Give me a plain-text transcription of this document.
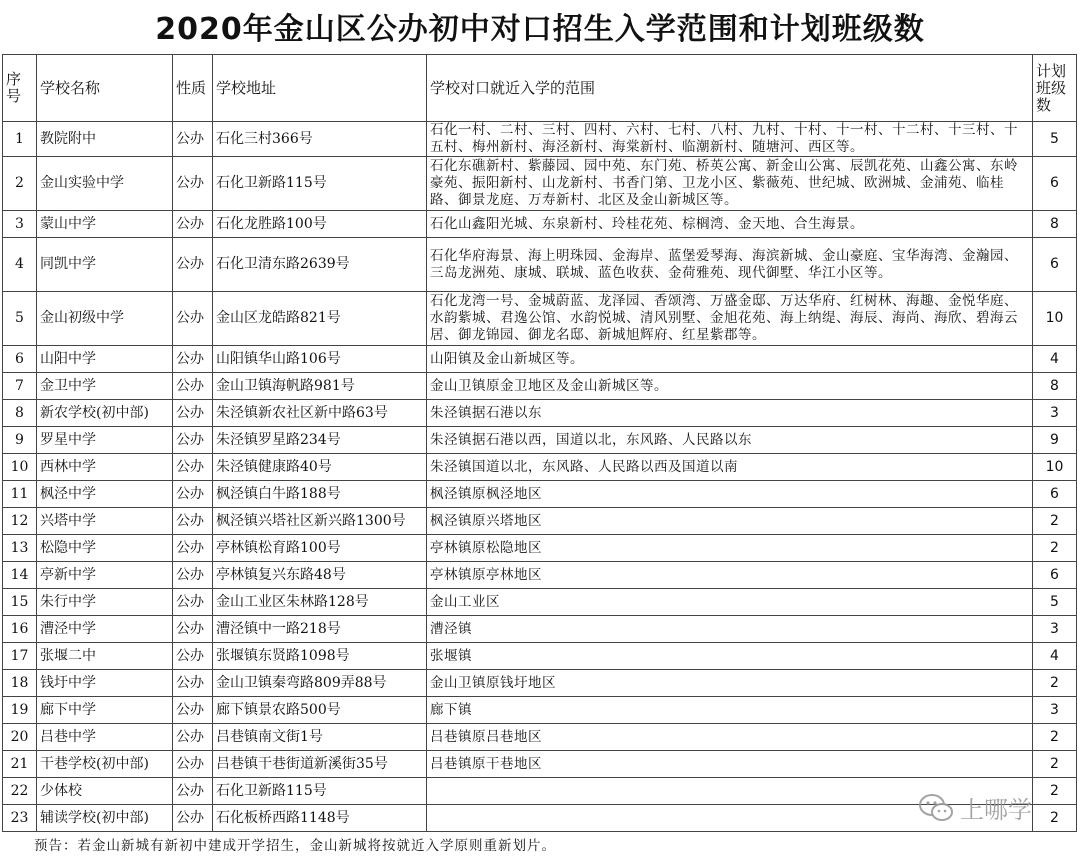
2020年金山区公办初中对口招生入学范围和计划班级数
序号	学校名称	性质	学校地址	学校对口就近入学的范围	计划班级数
1	教院附中	公办	石化三村366号	石化一村、二村、三村、四村、六村、七村、八村、九村、十村、十一村、十二村、十三村、十五村、梅州新村、海泾新村、海棠新村、临潮新村、随塘河、西区等。	5
2	金山实验中学	公办	石化卫新路115号	石化东礁新村、紫藤园、园中苑、东门苑、桥英公寓、新金山公寓、辰凯花苑、山鑫公寓、东岭豪苑、振阳新村、山龙新村、书香门第、卫龙小区、紫薇苑、世纪城、欧洲城、金浦苑、临桂路、御景龙庭、万寿新村、北区及金山新城区等。	6
3	蒙山中学	公办	石化龙胜路100号	石化山鑫阳光城、东泉新村、玲桂花苑、棕榈湾、金天地、合生海景。	8
4	同凯中学	公办	石化卫清东路2639号	石化华府海景、海上明珠园、金海岸、蓝堡爱琴海、海滨新城、金山豪庭、宝华海湾、金瀚园、三岛龙洲苑、康城、联城、蓝色收获、金荷雅苑、现代御墅、华江小区等。	6
5	金山初级中学	公办	金山区龙皓路821号	石化龙湾一号、金城蔚蓝、龙泽园、香颂湾、万盛金邸、万达华府、红树林、海趣、金悦华庭、水韵紫城、君逸公馆、水韵悦城、清风别墅、金旭花苑、海上纳缇、海辰、海尚、海欣、碧海云居、御龙锦园、御龙名邸、新城旭辉府、红星紫郡等。	10
6	山阳中学	公办	山阳镇华山路106号	山阳镇及金山新城区等。	4
7	金卫中学	公办	金山卫镇海帆路981号	金山卫镇原金卫地区及金山新城区等。	8
8	新农学校(初中部)	公办	朱泾镇新农社区新中路63号	朱泾镇据石港以东	3
9	罗星中学	公办	朱泾镇罗星路234号	朱泾镇据石港以西，国道以北，东风路、人民路以东	9
10	西林中学	公办	朱泾镇健康路40号	朱泾镇国道以北，东风路、人民路以西及国道以南	10
11	枫泾中学	公办	枫泾镇白牛路188号	枫泾镇原枫泾地区	6
12	兴塔中学	公办	枫泾镇兴塔社区新兴路1300号	枫泾镇原兴塔地区	2
13	松隐中学	公办	亭林镇松育路100号	亭林镇原松隐地区	2
14	亭新中学	公办	亭林镇复兴东路48号	亭林镇原亭林地区	6
15	朱行中学	公办	金山工业区朱林路128号	金山工业区	5
16	漕泾中学	公办	漕泾镇中一路218号	漕泾镇	3
17	张堰二中	公办	张堰镇东贤路1098号	张堰镇	4
18	钱圩中学	公办	金山卫镇秦弯路809弄88号	金山卫镇原钱圩地区	2
19	廊下中学	公办	廊下镇景农路500号	廊下镇	3
20	吕巷中学	公办	吕巷镇南文街1号	吕巷镇原吕巷地区	2
21	干巷学校(初中部)	公办	吕巷镇干巷街道新溪街35号	吕巷镇原干巷地区	2
22	少体校	公办	石化卫新路115号		2
23	辅读学校(初中部)	公办	石化板桥西路1148号		2
预告：若金山新城有新初中建成开学招生，金山新城将按就近入学原则重新划片。
上哪学
